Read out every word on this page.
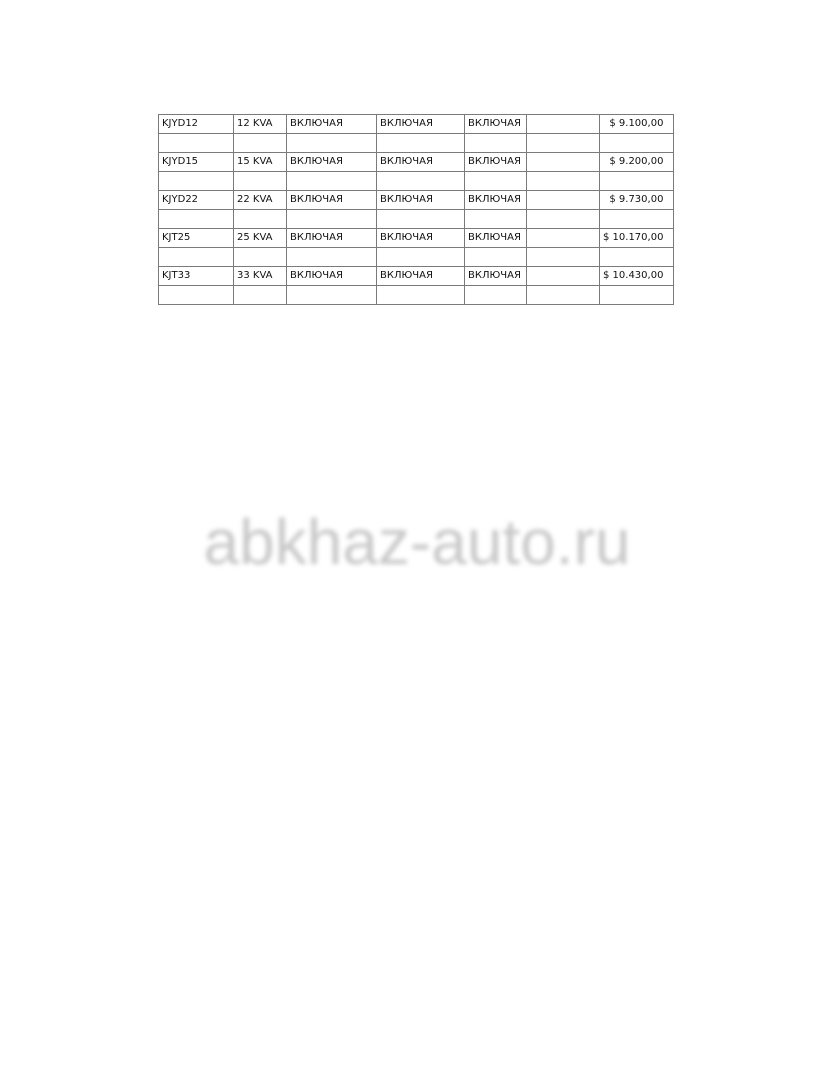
KJYD12	12 KVA	ВКЛЮЧАЯ	ВКЛЮЧАЯ	ВКЛЮЧАЯ		$ 9.100,00

KJYD15	15 KVA	ВКЛЮЧАЯ	ВКЛЮЧАЯ	ВКЛЮЧАЯ		$ 9.200,00

KJYD22	22 KVA	ВКЛЮЧАЯ	ВКЛЮЧАЯ	ВКЛЮЧАЯ		$ 9.730,00

KJT25	25 KVA	ВКЛЮЧАЯ	ВКЛЮЧАЯ	ВКЛЮЧАЯ		$ 10.170,00

KJT33	33 KVA	ВКЛЮЧАЯ	ВКЛЮЧАЯ	ВКЛЮЧАЯ		$ 10.430,00

abkhaz-auto.ru
